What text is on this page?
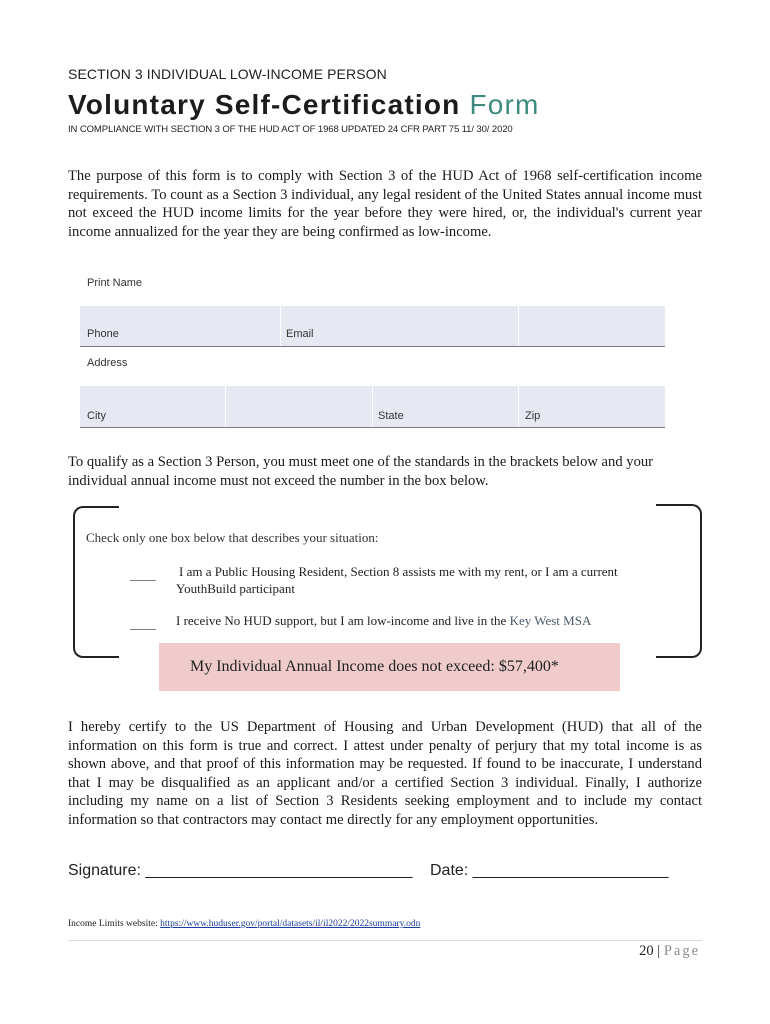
SECTION 3 INDIVIDUAL LOW-INCOME PERSON
Voluntary Self-Certification Form
IN COMPLIANCE WITH SECTION 3 OF THE HUD ACT OF 1968 UPDATED 24 CFR PART 75 11/ 30/ 2020
The purpose of this form is to comply with Section 3 of the HUD Act of 1968 self-certification income requirements. To count as a Section 3 individual, any legal resident of the United States annual income must not exceed the HUD income limits for the year before they were hired, or, the individual's current year income annualized for the year they are being confirmed as low-income.
Print Name
Phone	Email
Address
City	State	Zip
To qualify as a Section 3 Person, you must meet one of the standards in the brackets below and your individual annual income must not exceed the number in the box below.
Check only one box below that describes your situation:
____ I am a Public Housing Resident, Section 8 assists me with my rent, or I am a current YouthBuild participant
____ I receive No HUD support, but I am low-income and live in the Key West MSA
My Individual Annual Income does not exceed: $57,400*
I hereby certify to the US Department of Housing and Urban Development (HUD) that all of the information on this form is true and correct. I attest under penalty of perjury that my total income is as shown above, and that proof of this information may be requested. If found to be inaccurate, I understand that I may be disqualified as an applicant and/or a certified Section 3 individual. Finally, I authorize including my name on a list of Section 3 Residents seeking employment and to include my contact information so that contractors may contact me directly for any employment opportunities.
Signature: ______________________________ Date: ______________________
Income Limits website: https://www.huduser.gov/portal/datasets/il/il2022/2022summary.odn
20 | Page
